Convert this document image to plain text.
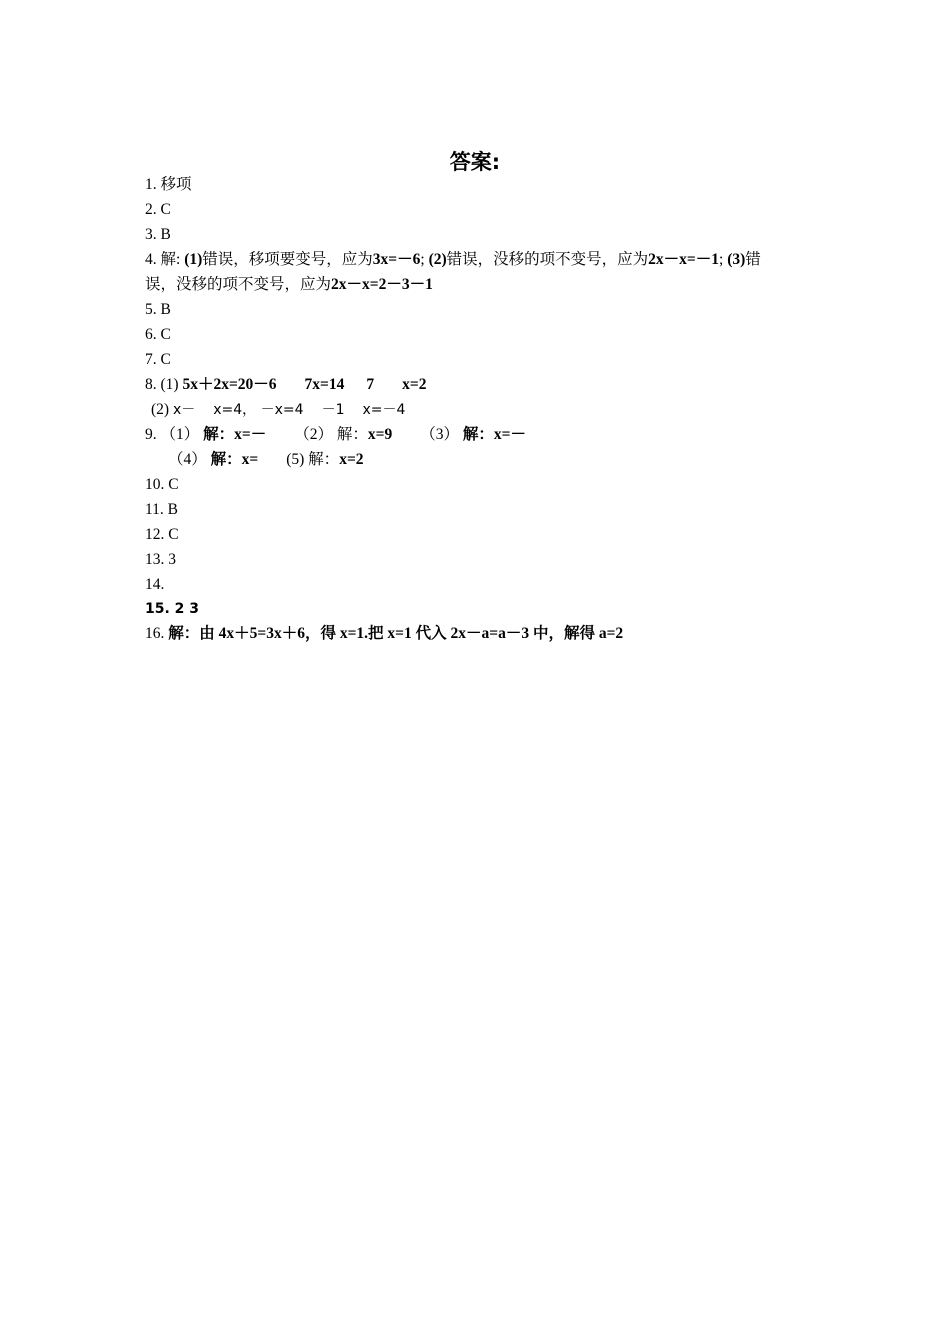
答案:
1. 移项
2. C
3. B
4. 解: (1)错误，移项要变号，应为3x=－6; (2)错误，没移的项不变号，应为2x－x=－1; (3)错
误，没移的项不变号，应为2x－x=2－3－1
5. B
6. C
7. C
8. (1) 5x＋2x=20－6 7x=14 7 x=2
(2) x－ x=4， －x=4 －1 x=－4
9. （1） 解：x=－ （2） 解：x=9 （3） 解：x=－
（4） 解：x= (5) 解：x=2
10. C
11. B
12. C
13. 3
14.
15. 2 3
16. 解：由 4x＋5=3x＋6，得 x=1.把 x=1 代入 2x－a=a－3 中，解得 a=2
